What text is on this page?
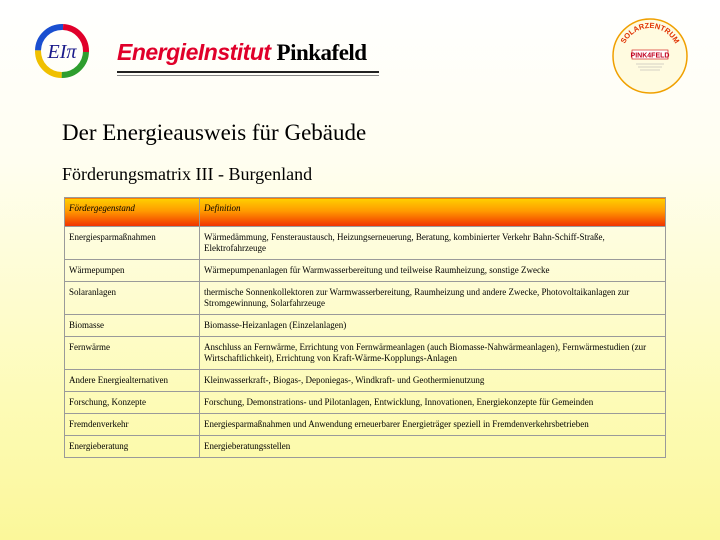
EIπ EnergieInstitut Pinkafeld	SOLARZENTRUM
PINK4FELD
Der Energieausweis für Gebäude
Förderungsmatrix III - Burgenland
Fördergegenstand	Definition
Energiesparmaßnahmen	Wärmedämmung, Fensteraustausch, Heizungserneuerung, Beratung, kombinierter Verkehr Bahn-Schiff-Straße, Elektrofahrzeuge
Wärmepumpen	Wärmepumpenanlagen für Warmwasserbereitung und teilweise Raumheizung, sonstige Zwecke
Solaranlagen	thermische Sonnenkollektoren zur Warmwasserbereitung, Raumheizung und andere Zwecke, Photovoltaikanlagen zur Stromgewinnung, Solarfahrzeuge
Biomasse	Biomasse-Heizanlagen (Einzelanlagen)
Fernwärme	Anschluss an Fernwärme, Errichtung von Fernwärmeanlagen (auch Biomasse-Nahwärmeanlagen), Fernwärmestudien (zur Wirtschaftlichkeit), Errichtung von Kraft-Wärme-Kopplungs-Anlagen
Andere Energiealternativen	Kleinwasserkraft-, Biogas-, Deponiegas-, Windkraft- und Geothermienutzung
Forschung, Konzepte	Forschung, Demonstrations- und Pilotanlagen, Entwicklung, Innovationen, Energiekonzepte für Gemeinden
Fremdenverkehr	Energiesparmaßnahmen und Anwendung erneuerbarer Energieträger speziell in Fremdenverkehrsbetrieben
Energieberatung	Energieberatungsstellen
